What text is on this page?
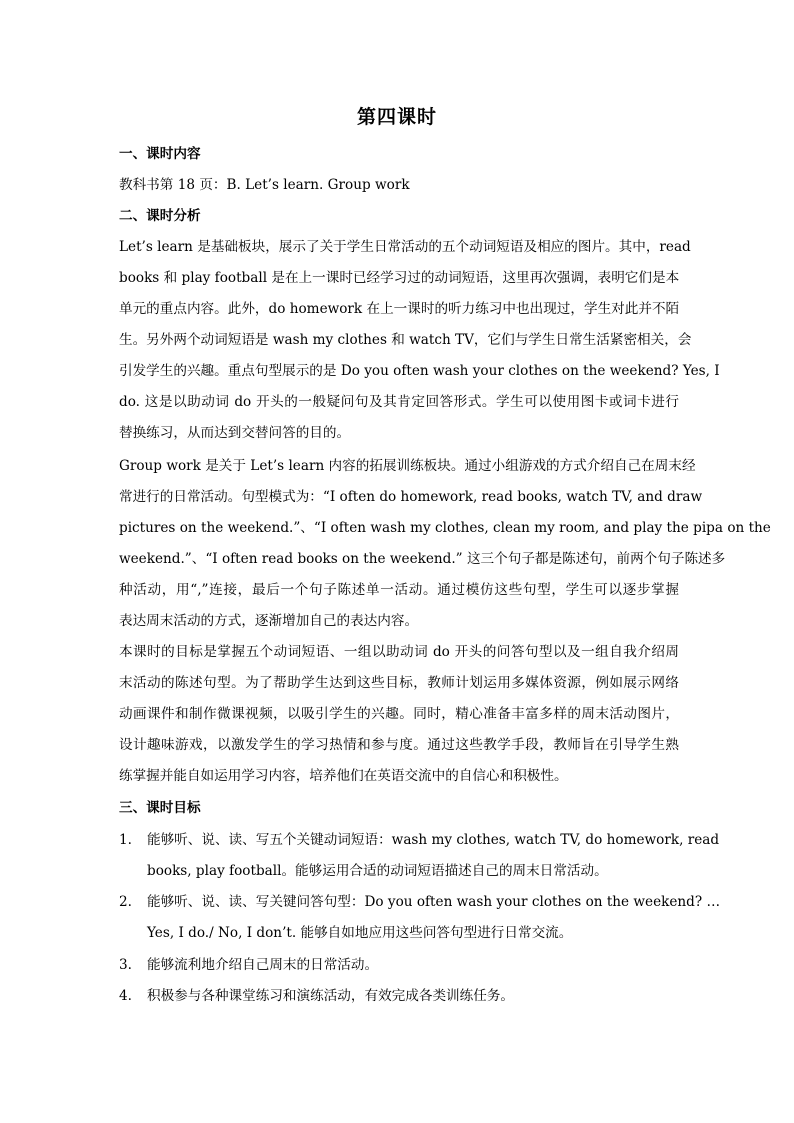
第四课时
一、课时内容
教科书第 18 页：B. Let’s learn. Group work
二、课时分析
Let’s learn 是基础板块，展示了关于学生日常活动的五个动词短语及相应的图片。其中，read
books 和 play football 是在上一课时已经学习过的动词短语，这里再次强调，表明它们是本
单元的重点内容。此外，do homework 在上一课时的听力练习中也出现过，学生对此并不陌
生。另外两个动词短语是 wash my clothes 和 watch TV，它们与学生日常生活紧密相关，会
引发学生的兴趣。重点句型展示的是 Do you often wash your clothes on the weekend? Yes, I
do. 这是以助动词 do 开头的一般疑问句及其肯定回答形式。学生可以使用图卡或词卡进行
替换练习，从而达到交替问答的目的。
Group work 是关于 Let’s learn 内容的拓展训练板块。通过小组游戏的方式介绍自己在周末经
常进行的日常活动。句型模式为：“I often do homework, read books, watch TV, and draw
pictures on the weekend.”、“I often wash my clothes, clean my room, and play the pipa on the
weekend.”、“I often read books on the weekend.” 这三个句子都是陈述句，前两个句子陈述多
种活动，用“,”连接，最后一个句子陈述单一活动。通过模仿这些句型，学生可以逐步掌握
表达周末活动的方式，逐渐增加自己的表达内容。
本课时的目标是掌握五个动词短语、一组以助动词 do 开头的问答句型以及一组自我介绍周
末活动的陈述句型。为了帮助学生达到这些目标，教师计划运用多媒体资源，例如展示网络
动画课件和制作微课视频，以吸引学生的兴趣。同时，精心准备丰富多样的周末活动图片，
设计趣味游戏，以激发学生的学习热情和参与度。通过这些教学手段，教师旨在引导学生熟
练掌握并能自如运用学习内容，培养他们在英语交流中的自信心和积极性。
三、课时目标
1.	能够听、说、读、写五个关键动词短语：wash my clothes, watch TV, do homework, read
books, play football。能够运用合适的动词短语描述自己的周末日常活动。
2.	能够听、说、读、写关键问答句型：Do you often wash your clothes on the weekend? …
Yes, I do./ No, I don’t. 能够自如地应用这些问答句型进行日常交流。
3.	能够流利地介绍自己周末的日常活动。
4.	积极参与各种课堂练习和演练活动，有效完成各类训练任务。
